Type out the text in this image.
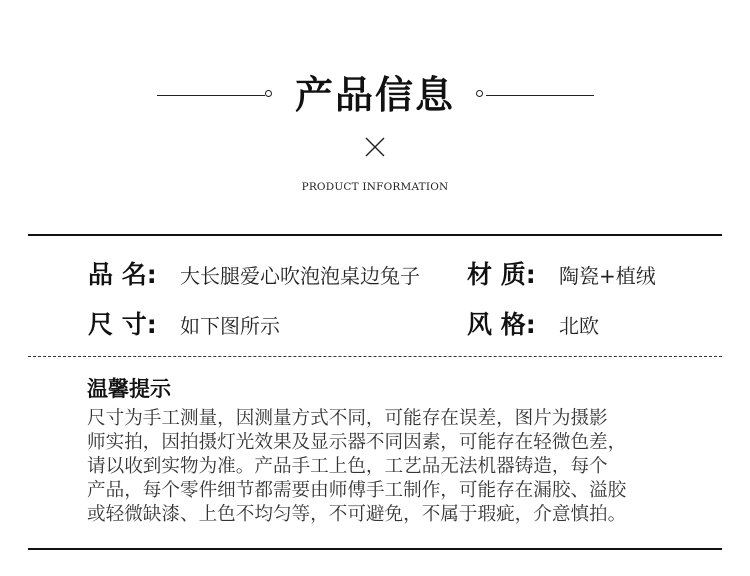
产品信息
PRODUCT INFORMATION
品 名: 大长腿爱心吹泡泡桌边兔子 材 质: 陶瓷+植绒
尺 寸: 如下图所示	风 格: 北欧
温馨提示
尺寸为手工测量，因测量方式不同，可能存在误差，图片为摄影
师实拍，因拍摄灯光效果及显示器不同因素，可能存在轻微色差，
请以收到实物为准。产品手工上色，工艺品无法机器铸造，每个
产品，每个零件细节都需要由师傅手工制作，可能存在漏胶、溢胶
或轻微缺漆、上色不均匀等，不可避免，不属于瑕疵，介意慎拍。
